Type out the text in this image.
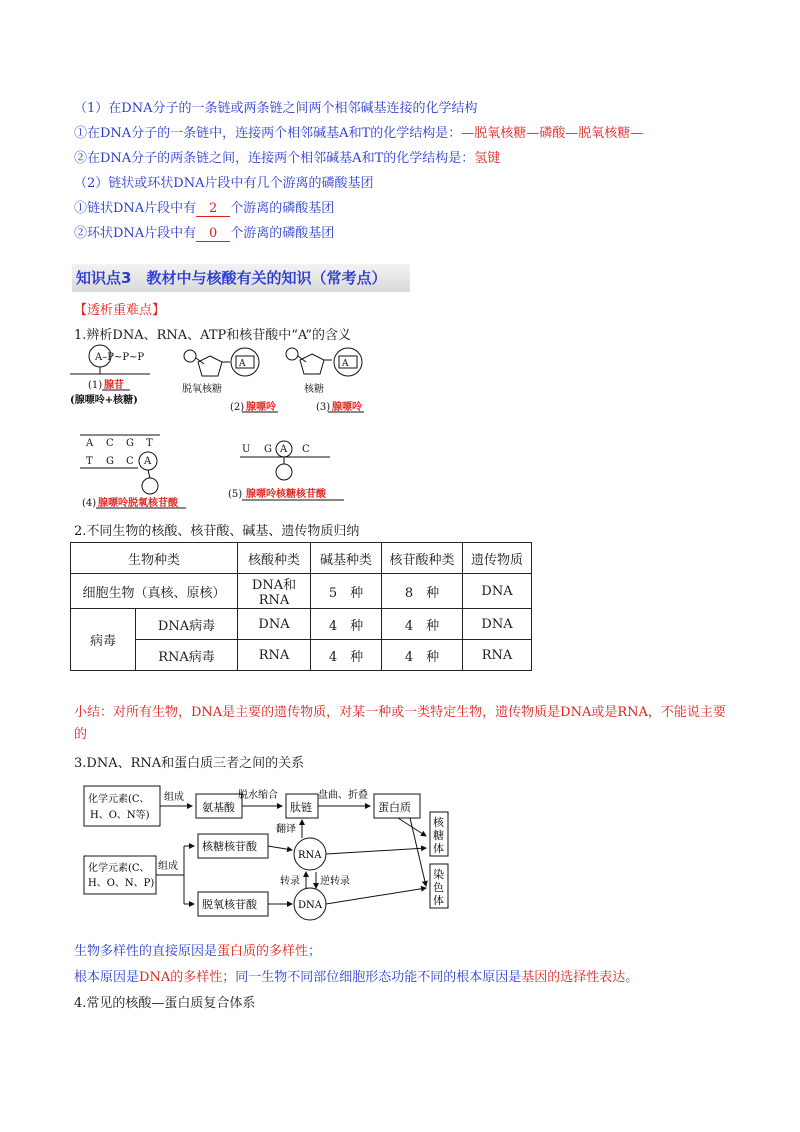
（1）在DNA分子的一条链或两条链之间两个相邻碱基连接的化学结构
①在DNA分子的一条链中，连接两个相邻碱基A和T的化学结构是：—脱氧核糖—磷酸—脱氧核糖—
②在DNA分子的两条链之间，连接两个相邻碱基A和T的化学结构是：氢键
（2）链状或环状DNA片段中有几个游离的磷酸基团
①链状DNA片段中有 2 个游离的磷酸基团
②环状DNA片段中有 0 个游离的磷酸基团
知识点3　教材中与核酸有关的知识（常考点）
【透析重难点】
1.辨析DNA、RNA、ATP和核苷酸中“A”的含义
A–P~P~P
(1) 腺苷
(腺嘌呤+核糖)
A
脱氧核糖
(2) 腺嘌呤
A
核糖
(3) 腺嘌呤
A C G T
T G C A
(4) 腺嘌呤脱氧核苷酸
U G A C
(5) 腺嘌呤核糖核苷酸
2.不同生物的核酸、核苷酸、碱基、遗传物质归纳
生物种类		核酸种类	碱基种类	核苷酸种类	遗传物质
细胞生物（真核、原核）		DNA和RNA	5　种	8　种	DNA
病毒	DNA病毒	DNA	4　种	4　种	DNA
	RNA病毒	RNA	4　种	4　种	RNA
小结：对所有生物，DNA是主要的遗传物质，对某一种或一类特定生物，遗传物质是DNA或是RNA，不能说主要的
3.DNA、RNA和蛋白质三者之间的关系
化学元素(C、
H、O、N等)
组成
氨基酸
脱水缩合
肽链
盘曲、折叠
蛋白质
核
糖
体
染
色
体
翻译
RNA
化学元素(C、
H、O、N、P)
组成
核糖核苷酸
脱氧核苷酸
转录 逆转录
DNA
生物多样性的直接原因是蛋白质的多样性；
根本原因是DNA的多样性；同一生物不同部位细胞形态功能不同的根本原因是基因的选择性表达。
4.常见的核酸—蛋白质复合体系
